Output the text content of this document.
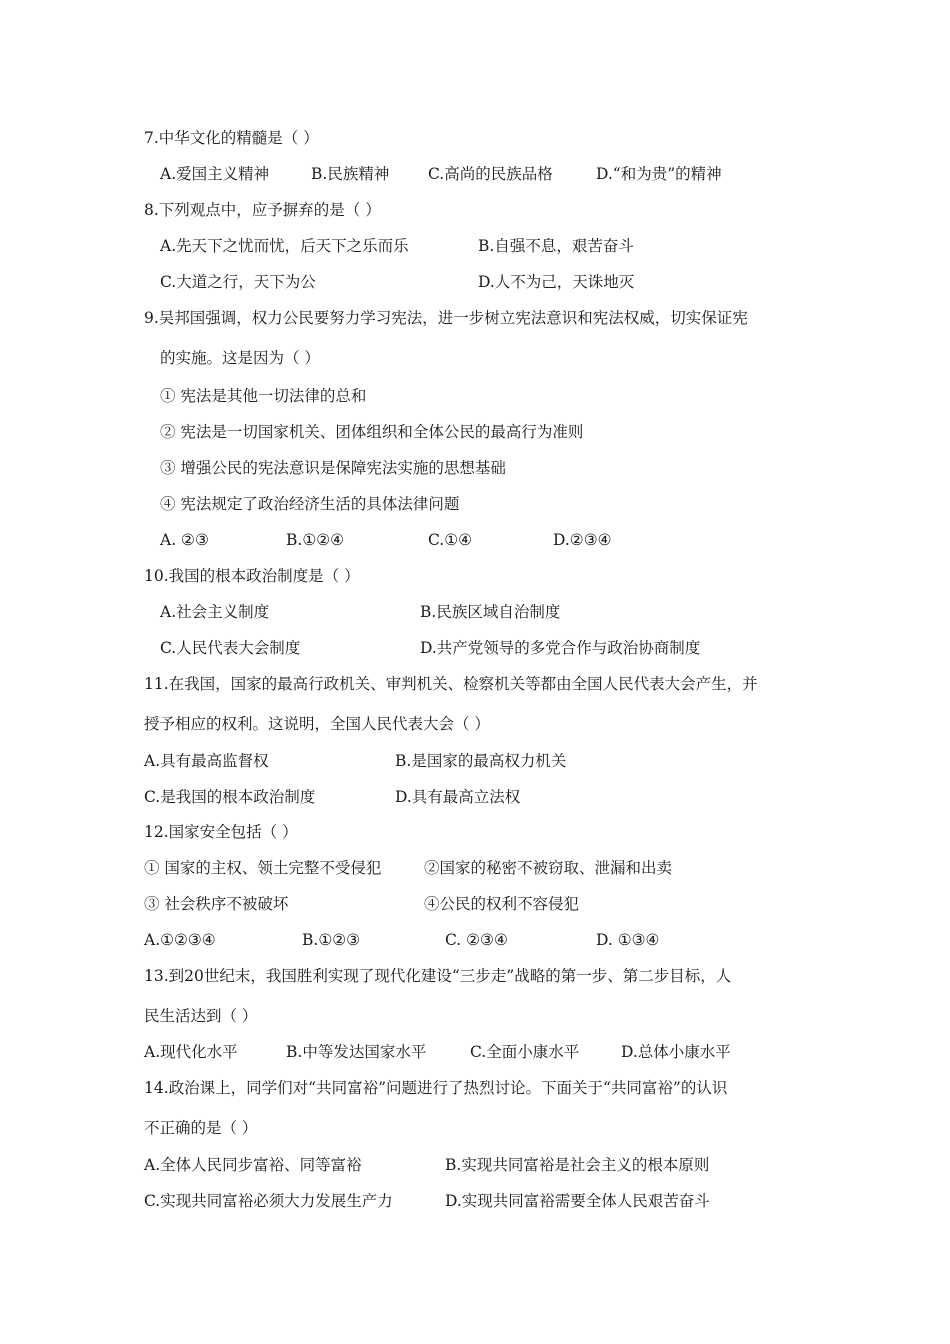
7.中华文化的精髓是（ ）
A.爱国主义精神	B.民族精神 C.高尚的民族品格	D.“和为贵”的精神
8.下列观点中，应予摒弃的是（ ）
A.先天下之忧而忧，后天下之乐而乐	B.自强不息，艰苦奋斗
C.大道之行，天下为公	D.人不为己，天诛地灭
9.吴邦国强调，权力公民要努力学习宪法，进一步树立宪法意识和宪法权威，切实保证宪
的实施。这是因为（ ）
① 宪法是其他一切法律的总和
② 宪法是一切国家机关、团体组织和全体公民的最高行为准则
③ 增强公民的宪法意识是保障宪法实施的思想基础
④ 宪法规定了政治经济生活的具体法律问题
A. ②③	B.①②④	C.①④	D.②③④
10.我国的根本政治制度是（ ）
A.社会主义制度	B.民族区域自治制度
C.人民代表大会制度	D.共产党领导的多党合作与政治协商制度
11.在我国，国家的最高行政机关、审判机关、检察机关等都由全国人民代表大会产生，并
授予相应的权利。这说明，全国人民代表大会（ ）
A.具有最高监督权	B.是国家的最高权力机关
C.是我国的根本政治制度	D.具有最高立法权
12.国家安全包括（ ）
① 国家的主权、领土完整不受侵犯	②国家的秘密不被窃取、泄漏和出卖
③ 社会秩序不被破坏	④公民的权利不容侵犯
A.①②③④	B.①②③	C. ②③④	D. ①③④
13.到20世纪末，我国胜利实现了现代化建设“三步走”战略的第一步、第二步目标，人
民生活达到（ ）
A.现代化水平	B.中等发达国家水平	C.全面小康水平	D.总体小康水平
14.政治课上，同学们对“共同富裕”问题进行了热烈讨论。下面关于“共同富裕”的认识
不正确的是（ ）
A.全体人民同步富裕、同等富裕	B.实现共同富裕是社会主义的根本原则
C.实现共同富裕必须大力发展生产力	D.实现共同富裕需要全体人民艰苦奋斗
